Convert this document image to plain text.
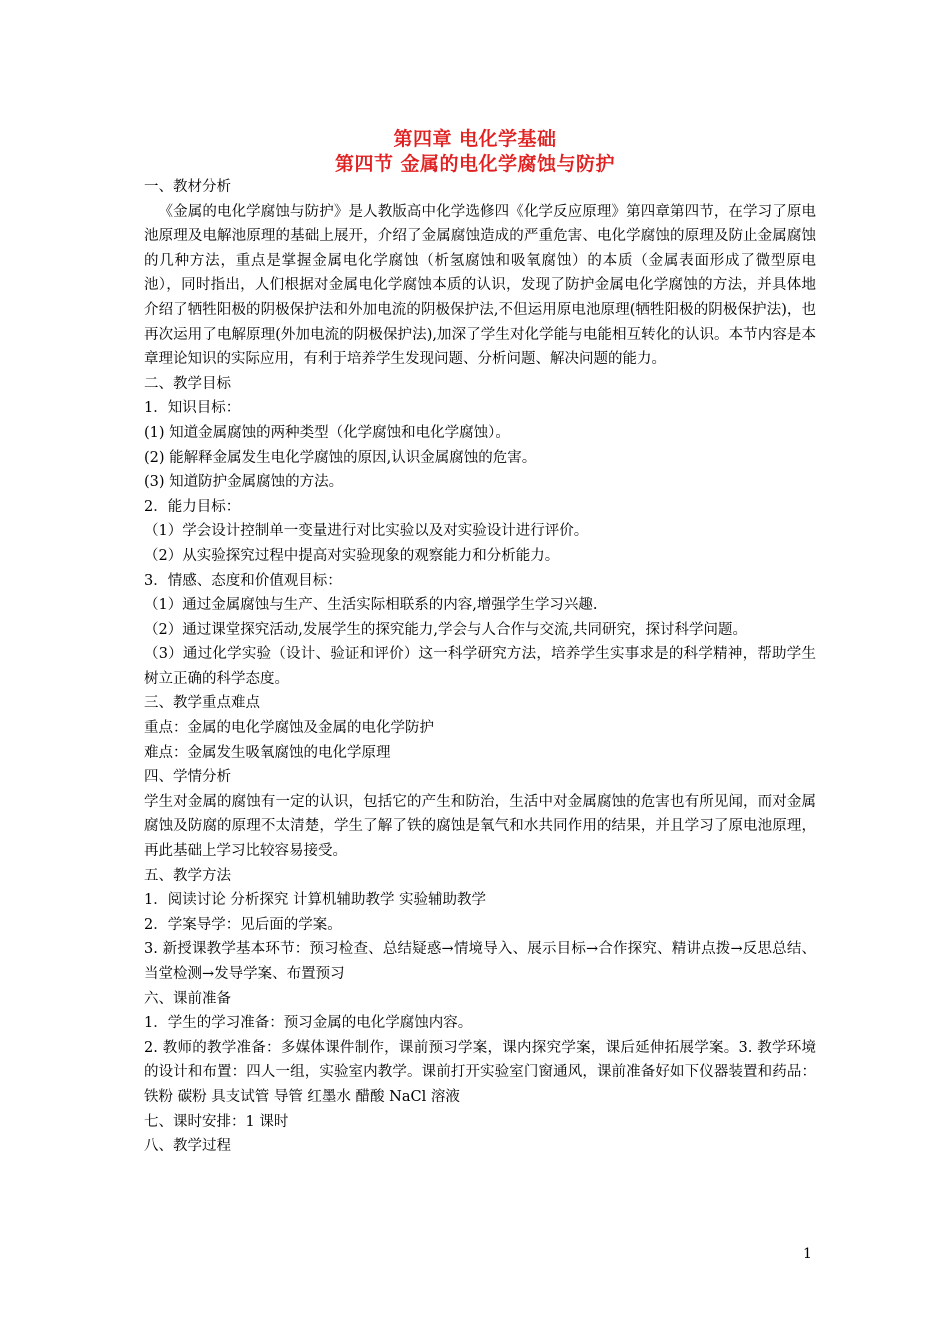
第四章 电化学基础
第四节 金属的电化学腐蚀与防护

一、教材分析

《金属的电化学腐蚀与防护》是人教版高中化学选修四《化学反应原理》第四章第四节，在学习了原电池原理及电解池原理的基础上展开，介绍了金属腐蚀造成的严重危害、电化学腐蚀的原理及防止金属腐蚀的几种方法，重点是掌握金属电化学腐蚀（析氢腐蚀和吸氧腐蚀）的本质（金属表面形成了微型原电池），同时指出，人们根据对金属电化学腐蚀本质的认识，发现了防护金属电化学腐蚀的方法，并具体地介绍了牺牲阳极的阴极保护法和外加电流的阴极保护法,不但运用原电池原理(牺牲阳极的阴极保护法)，也再次运用了电解原理(外加电流的阴极保护法),加深了学生对化学能与电能相互转化的认识。本节内容是本章理论知识的实际应用，有利于培养学生发现问题、分析问题、解决问题的能力。

二、教学目标

1．知识目标：

(1) 知道金属腐蚀的两种类型（化学腐蚀和电化学腐蚀）。

(2) 能解释金属发生电化学腐蚀的原因,认识金属腐蚀的危害。

(3) 知道防护金属腐蚀的方法。

2．能力目标：

（1）学会设计控制单一变量进行对比实验以及对实验设计进行评价。

（2）从实验探究过程中提高对实验现象的观察能力和分析能力。

3．情感、态度和价值观目标：

（1）通过金属腐蚀与生产、生活实际相联系的内容,增强学生学习兴趣.

（2）通过课堂探究活动,发展学生的探究能力,学会与人合作与交流,共同研究，探讨科学问题。

（3）通过化学实验（设计、验证和评价）这一科学研究方法，培养学生实事求是的科学精神，帮助学生树立正确的科学态度。

三、教学重点难点

重点：金属的电化学腐蚀及金属的电化学防护

难点：金属发生吸氧腐蚀的电化学原理

四、学情分析

学生对金属的腐蚀有一定的认识，包括它的产生和防治，生活中对金属腐蚀的危害也有所见闻，而对金属腐蚀及防腐的原理不太清楚，学生了解了铁的腐蚀是氧气和水共同作用的结果，并且学习了原电池原理，再此基础上学习比较容易接受。

五、教学方法

1．阅读讨论 分析探究 计算机辅助教学 实验辅助教学

2．学案导学：见后面的学案。

3. 新授课教学基本环节：预习检查、总结疑惑→情境导入、展示目标→合作探究、精讲点拨→反思总结、当堂检测→发导学案、布置预习

六、课前准备

1．学生的学习准备：预习金属的电化学腐蚀内容。

2. 教师的教学准备：多媒体课件制作，课前预习学案，课内探究学案，课后延伸拓展学案。3. 教学环境的设计和布置：四人一组，实验室内教学。课前打开实验室门窗通风，课前准备好如下仪器装置和药品：铁粉 碳粉 具支试管 导管 红墨水 醋酸 NaCl 溶液

七、课时安排：1 课时

八、教学过程

1
